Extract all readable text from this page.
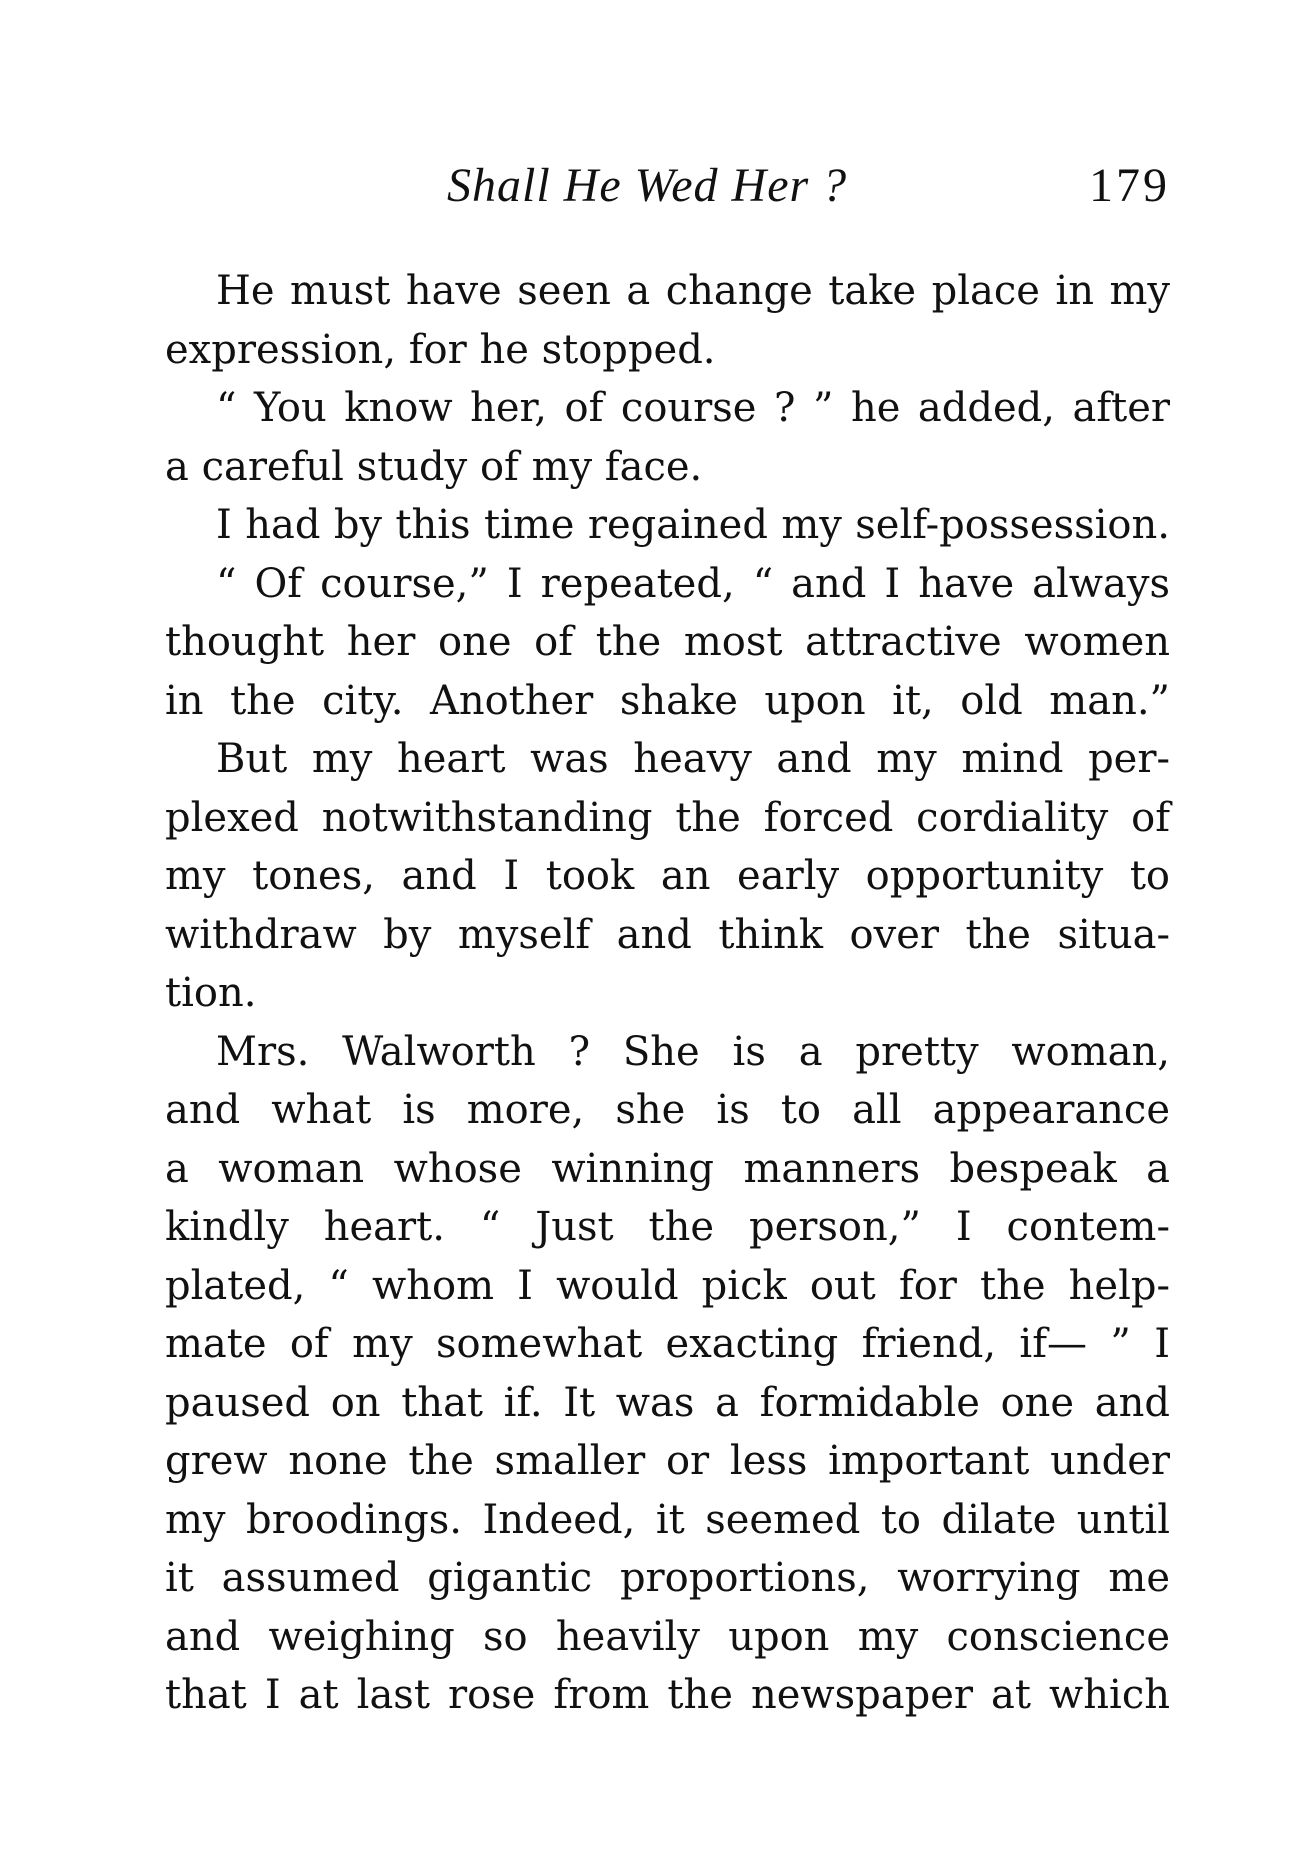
Shall He Wed Her ?	179
He must have seen a change take place in my
expression, for he stopped.
“ You know her, of course ? ” he added, after
a careful study of my face.
I had by this time regained my self-possession.
“ Of course,” I repeated, “ and I have always
thought her one of the most attractive women
in the city. Another shake upon it, old man.”
But my heart was heavy and my mind per-
plexed notwithstanding the forced cordiality of
my tones, and I took an early opportunity to
withdraw by myself and think over the situa-
tion.
Mrs. Walworth ? She is a pretty woman,
and what is more, she is to all appearance
a woman whose winning manners bespeak a
kindly heart. “ Just the person,” I contem-
plated, “ whom I would pick out for the help-
mate of my somewhat exacting friend, if— ” I
paused on that if. It was a formidable one and
grew none the smaller or less important under
my broodings. Indeed, it seemed to dilate until
it assumed gigantic proportions, worrying me
and weighing so heavily upon my conscience
that I at last rose from the newspaper at which
